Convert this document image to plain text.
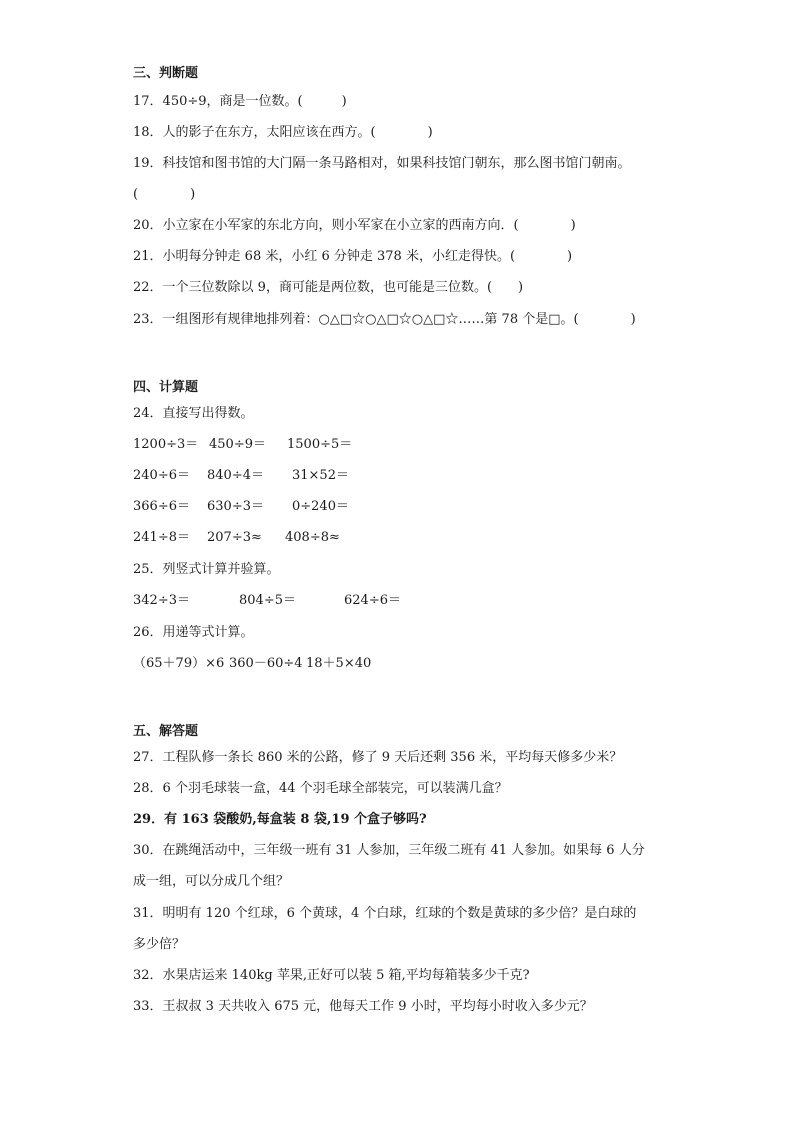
三、判断题
17．450÷9，商是一位数。(　　　)
18．人的影子在东方，太阳应该在西方。(　　　　)
19．科技馆和图书馆的大门隔一条马路相对，如果科技馆门朝东，那么图书馆门朝南。
(　　　　)
20．小立家在小军家的东北方向，则小军家在小立家的西南方向．(　　　　)
21．小明每分钟走 68 米，小红 6 分钟走 378 米，小红走得快。(　　　　)
22．一个三位数除以 9，商可能是两位数，也可能是三位数。(　　)
23．一组图形有规律地排列着：○△□☆○△□☆○△□☆……第 78 个是□。(　　　　)
四、计算题
24．直接写出得数。
1200÷3＝ 450÷9＝ 1500÷5＝
240÷6＝ 840÷4＝ 31×52＝
366÷6＝ 630÷3＝ 0÷240＝
241÷8＝ 207÷3≈ 408÷8≈
25．列竖式计算并验算。
342÷3＝	804÷5＝	624÷6＝
26．用递等式计算。
（65＋79）×6 360－60÷4 18＋5×40
五、解答题
27．工程队修一条长 860 米的公路，修了 9 天后还剩 356 米，平均每天修多少米？
28．6 个羽毛球装一盒，44 个羽毛球全部装完，可以装满几盒？
29．有 163 袋酸奶,每盒装 8 袋,19 个盒子够吗?
30．在跳绳活动中，三年级一班有 31 人参加，三年级二班有 41 人参加。如果每 6 人分
成一组，可以分成几个组？
31．明明有 120 个红球，6 个黄球，4 个白球，红球的个数是黄球的多少倍？是白球的
多少倍？
32．水果店运来 140kg 苹果,正好可以装 5 箱,平均每箱装多少千克?
33．王叔叔 3 天共收入 675 元，他每天工作 9 小时，平均每小时收入多少元？
